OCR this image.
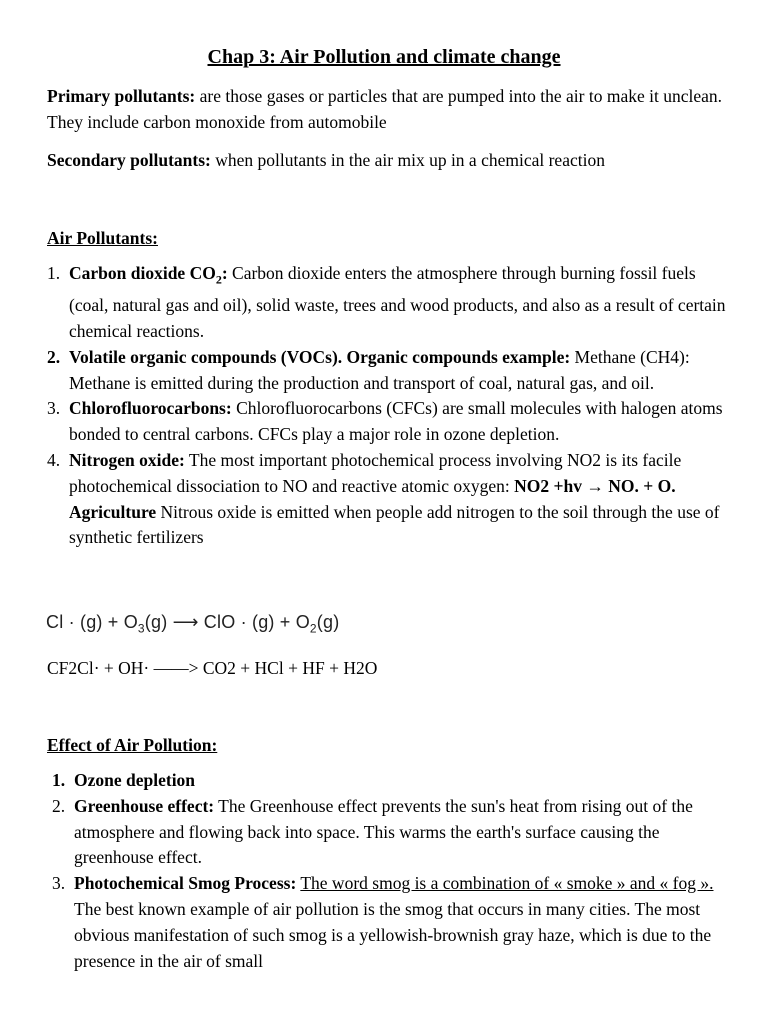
Chap 3: Air Pollution and climate change
Primary pollutants: are those gases or particles that are pumped into the air to make it unclean. They include carbon monoxide from automobile
Secondary pollutants: when pollutants in the air mix up in a chemical reaction
Air Pollutants:
1. Carbon dioxide $CO_2$: Carbon dioxide enters the atmosphere through burning fossil fuels (coal, natural gas and oil), solid waste, trees and wood products, and also as a result of certain chemical reactions.
2. Volatile organic compounds (VOCs). Organic compounds example: Methane (CH4): Methane is emitted during the production and transport of coal, natural gas, and oil.
3. Chlorofluorocarbons: Chlorofluorocarbons (CFCs) are small molecules with halogen atoms bonded to central carbons. CFCs play a major role in ozone depletion.
4. Nitrogen oxide: The most important photochemical process involving NO2 is its facile photochemical dissociation to NO and reactive atomic oxygen: NO2 +hv → NO. + O. Agriculture Nitrous oxide is emitted when people add nitrogen to the soil through the use of synthetic fertilizers
$Cl \cdot (g) + O_3(g)$ ⟶ ClO · $(g) + O_2(g)$
CF2Cl· + OH· ——> CO2 + HCl + HF + H2O
Effect of Air Pollution:
1. Ozone depletion
2. Greenhouse effect: The Greenhouse effect prevents the sun's heat from rising out of the atmosphere and flowing back into space. This warms the earth's surface causing the greenhouse effect.
3. Photochemical Smog Process: The word smog is a combination of « smoke » and « fog ». The best known example of air pollution is the smog that occurs in many cities. The most obvious manifestation of such smog is a yellowish-brownish gray haze, which is due to the presence in the air of small
